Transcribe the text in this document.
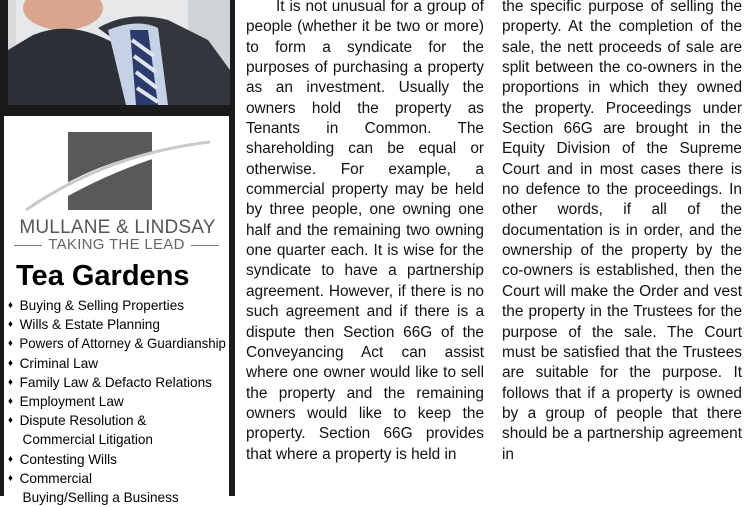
MULLANE & LINDSAY
TAKING THE LEAD
Tea Gardens
♦ Buying & Selling Properties
♦ Wills & Estate Planning
♦ Powers of Attorney & Guardianship
♦ Criminal Law
♦ Family Law & Defacto Relations
♦ Employment Law
♦ Dispute Resolution &
Commercial Litigation
♦ Contesting Wills
♦ Commercial
Buying/Selling a Business

It is not unusual for a group of people (whether it be two or more) to form a syndicate for the purposes of purchasing a property as an investment. Usually the owners hold the property as Tenants in Common. The shareholding can be equal or otherwise. For example, a commercial property may be held by three people, one owning one half and the remaining two owning one quarter each. It is wise for the syndicate to have a partnership agreement. However, if there is no such agreement and if there is a dispute then Section 66G of the Conveyancing Act can assist where one owner would like to sell the property and the remaining owners would like to keep the property. Section 66G provides that where a property is held in

the specific purpose of selling the property. At the completion of the sale, the nett proceeds of sale are split between the co-owners in the proportions in which they owned the property. Proceedings under Section 66G are brought in the Equity Division of the Supreme Court and in most cases there is no defence to the proceedings. In other words, if all of the documentation is in order, and the ownership of the property by the co-owners is established, then the Court will make the Order and vest the property in the Trustees for the purpose of the sale. The Court must be satisfied that the Trustees are suitable for the purpose. It follows that if a property is owned by a group of people that there should be a partnership agreement in
